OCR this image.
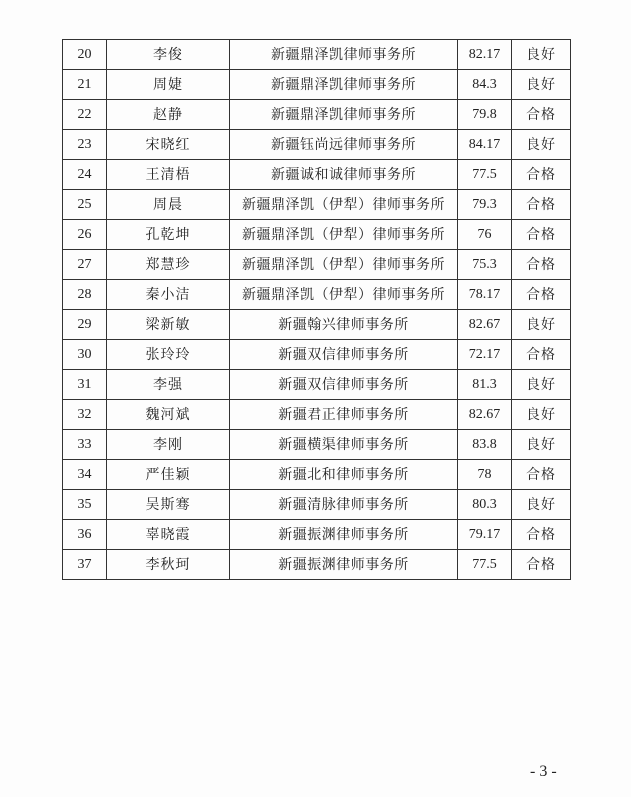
20	李俊	新疆鼎泽凯律师事务所	82.17	良好
21	周婕	新疆鼎泽凯律师事务所	84.3	良好
22	赵静	新疆鼎泽凯律师事务所	79.8	合格
23	宋晓红	新疆钰尚远律师事务所	84.17	良好
24	王清梧	新疆诚和诚律师事务所	77.5	合格
25	周晨	新疆鼎泽凯（伊犁）律师事务所	79.3	合格
26	孔乾坤	新疆鼎泽凯（伊犁）律师事务所	76	合格
27	郑慧珍	新疆鼎泽凯（伊犁）律师事务所	75.3	合格
28	秦小洁	新疆鼎泽凯（伊犁）律师事务所	78.17	合格
29	梁新敏	新疆翰兴律师事务所	82.67	良好
30	张玲玲	新疆双信律师事务所	72.17	合格
31	李强	新疆双信律师事务所	81.3	良好
32	魏河斌	新疆君正律师事务所	82.67	良好
33	李刚	新疆横渠律师事务所	83.8	良好
34	严佳颖	新疆北和律师事务所	78	合格
35	吴斯骞	新疆清脉律师事务所	80.3	良好
36	辜晓霞	新疆振渊律师事务所	79.17	合格
37	李秋珂	新疆振渊律师事务所	77.5	合格
- 3 -
